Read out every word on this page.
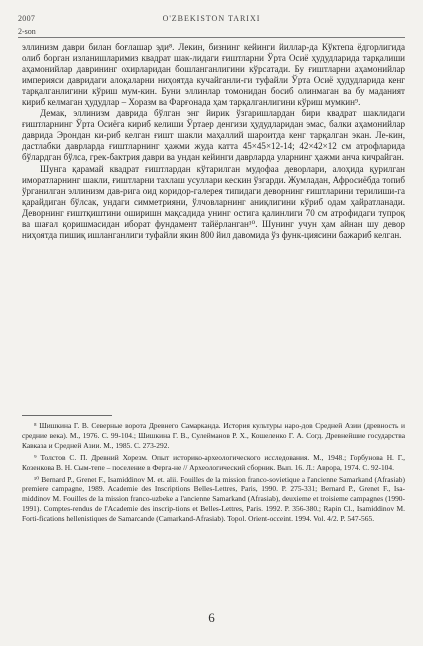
2007	O'ZBEKISTON TARIXI
2-son

эллинизм даври билан боғлашар эди⁸. Лекин, бизнинг кейинги йиллар-да Кўктепа ёдгорлигида олиб борган изланишларимиз квадрат шак-лидаги ғиштларни Ўрта Осиё ҳудудларида тарқалиши аҳамонийлар даврининг охирларидан бошланганлигини кўрсатади. Бу ғиштларни аҳамонийлар империяси давридаги алоқаларни ниҳоятда кучайганли-ги туфайли Ўрта Осиё ҳудудларида кенг тарқалганлигини кўриш мум-кин. Буни эллинлар томонидан босиб олинмаган ва бу маданият кириб келмаган ҳудудлар – Хоразм ва Фарғонада ҳам тарқалганлигини кўриш мумкин⁹.

Демак, эллинизм даврида бўлган энг йирик ўзгаришлардан бири квадрат шаклидаги ғиштларнинг Ўрта Осиёга кириб келиши Ўртаер денгизи ҳудудларидан эмас, балки аҳамонийлар даврида Эрондан ки-риб келган ғишт шакли маҳаллий шароитда кенг тарқалган экан. Ле-кин, дастлабки даврларда ғиштларнинг ҳажми жуда катта 45×45×12-14; 42×42×12 см атрофларида бўлардган бўлса, грек-бактрия даври ва ундан кейинги даврларда уларнинг ҳажми анча кичрайган.

Шунга қарамай квадрат ғиштлардан кўтарилган мудофаа деворлари, алоҳида қурилган иморатларнинг шакли, ғиштларни тахлаш усуллари кескин ўзгарди. Жумладан, Афросиёбда топиб ўрганилган эллинизм дав-рига оид коридор-галерея типидаги деворнинг ғиштларини терилиши-га қарайдиган бўлсак, ундаги симметрияни, ўлчовларнинг аниқлигини кўриб одам ҳайратланади. Деворнинг ғиштқиштини оширишн мақсадида унинг остига қалинлиги 70 см атрофидаги тупроқ ва шағал қоришмасидан иборат фундамент тайёрланган¹⁰. Шунинг учун ҳам айнан шу девор ниҳоятда пишиқ ишланганлиги туфайли якин 800 йил давомида ўз функ-циясини бажариб келган.

⁸ Шишкина Г. В. Северные ворота Древнего Самарканда. История культуры наро-дов Средней Азии (древность и средние века). М., 1976. С. 99-104.; Шишкина Г. В., Сулейманов Р. Х., Кошеленко Г. А. Согд. Древнейшие государства Кавказа и Средней Азии. М., 1985. С. 273-292.

⁹ Толстов С. П. Древний Хорезм. Опыт историко-археологического исследования. М., 1948.; Горбунова Н. Г., Козенкова В. Н. Сым-тепе – поселение в Ферга-не // Археологический сборник. Вып. 16. Л.: Аврора, 1974. С. 92-104.

¹⁰ Bernard P., Grenet F., Isamiddinov M. et. alii. Fouilles de la mission franco-sovietique a l'ancienne Samarkand (Afrasiab) premiere campagne, 1989. Academie des Inscriptions Belles-Lettres, Paris, 1990. P. 275-331; Bernard P., Grenet F., Isa-middinov M. Fouilles de la mission franco-uzbeke a l'ancienne Samarkand (Afrasiab), deuxieme et troisieme campagnes (1990-1991). Comptes-rendus de l'Academie des inscrip-tions et Belles-Lettres, Paris. 1992. P. 356-380.; Rapin Cl., Isamiddinov M. Forti-fications hellenistiques de Samarcande (Camarkand-Afrasiab). Topol. Orient-occeint. 1994. Vol. 4/2. P. 547-565.

6
